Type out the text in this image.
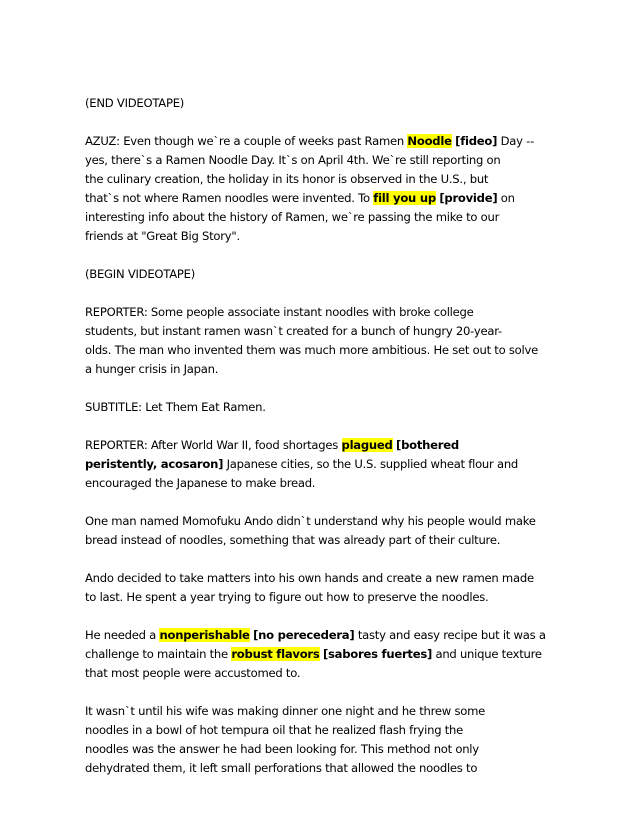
(END VIDEOTAPE)
AZUZ: Even though we`re a couple of weeks past Ramen Noodle [fideo] Day --
yes, there`s a Ramen Noodle Day. It`s on April 4th. We`re still reporting on
the culinary creation, the holiday in its honor is observed in the U.S., but
that`s not where Ramen noodles were invented. To fill you up [provide] on
interesting info about the history of Ramen, we`re passing the mike to our
friends at "Great Big Story".
(BEGIN VIDEOTAPE)
REPORTER: Some people associate instant noodles with broke college
students, but instant ramen wasn`t created for a bunch of hungry 20-year-
olds. The man who invented them was much more ambitious. He set out to solve
a hunger crisis in Japan.
SUBTITLE: Let Them Eat Ramen.
REPORTER: After World War II, food shortages plagued [bothered
peristently, acosaron] Japanese cities, so the U.S. supplied wheat flour and
encouraged the Japanese to make bread.
One man named Momofuku Ando didn`t understand why his people would make
bread instead of noodles, something that was already part of their culture.
Ando decided to take matters into his own hands and create a new ramen made
to last. He spent a year trying to figure out how to preserve the noodles.
He needed a nonperishable [no perecedera] tasty and easy recipe but it was a
challenge to maintain the robust flavors [sabores fuertes] and unique texture
that most people were accustomed to.
It wasn`t until his wife was making dinner one night and he threw some
noodles in a bowl of hot tempura oil that he realized flash frying the
noodles was the answer he had been looking for. This method not only
dehydrated them, it left small perforations that allowed the noodles to
